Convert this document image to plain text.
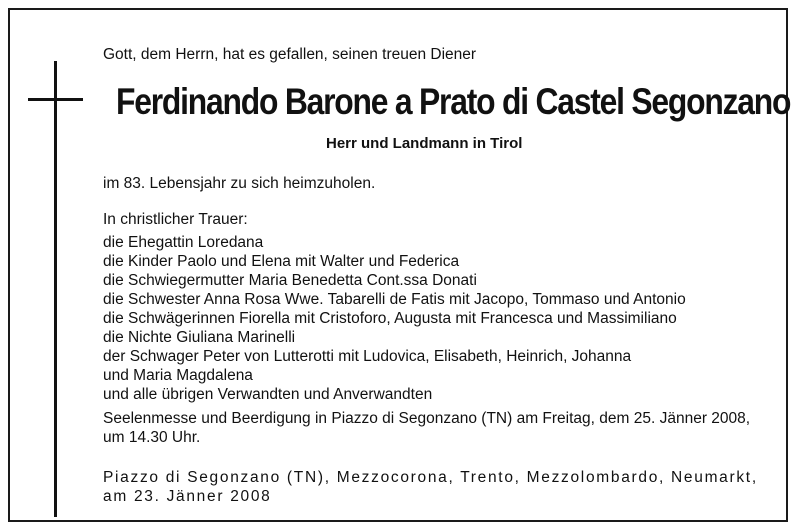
Gott, dem Herrn, hat es gefallen, seinen treuen Diener

Ferdinando Barone a Prato di Castel Segonzano

Herr und Landmann in Tirol

im 83. Lebensjahr zu sich heimzuholen.

In christlicher Trauer:

die Ehegattin Loredana
die Kinder Paolo und Elena mit Walter und Federica
die Schwiegermutter Maria Benedetta Cont.ssa Donati
die Schwester Anna Rosa Wwe. Tabarelli de Fatis mit Jacopo, Tommaso und Antonio
die Schwägerinnen Fiorella mit Cristoforo, Augusta mit Francesca und Massimiliano
die Nichte Giuliana Marinelli
der Schwager Peter von Lutterotti mit Ludovica, Elisabeth, Heinrich, Johanna
und Maria Magdalena
und alle übrigen Verwandten und Anverwandten

Seelenmesse und Beerdigung in Piazzo di Segonzano (TN) am Freitag, dem 25. Jänner 2008, um 14.30 Uhr.

Piazzo di Segonzano (TN), Mezzocorona, Trento, Mezzolombardo, Neumarkt, am 23. Jänner 2008
